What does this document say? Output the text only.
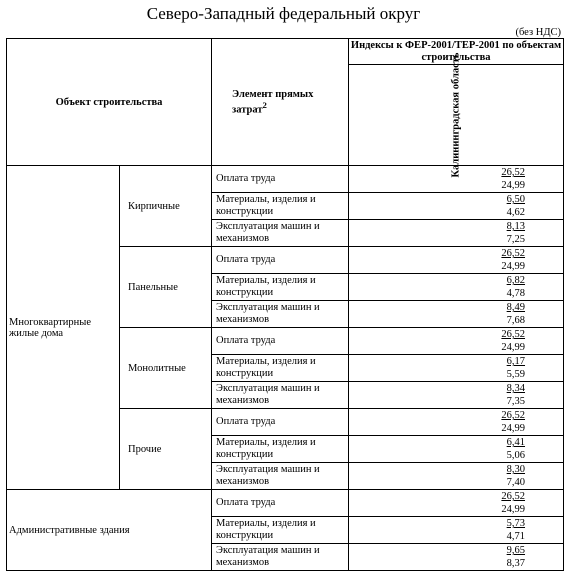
Северо-Западный федеральный округ
(без НДС)
Объект строительства		Элемент прямых затрат$^2$	Индексы к ФЕР-2001/ТЕР-2001 по объектам строительства

			Калининградская область

Многоквартирные жилые дома	Кирпичные	Оплата труда	26,52
24,99

		Материалы, изделия и конструкции	6,50
4,62

		Эксплуатация машин и механизмов	8,13
7,25

	Панельные	Оплата труда	26,52
24,99

		Материалы, изделия и конструкции	6,82
4,78

		Эксплуатация машин и механизмов	8,49
7,68

	Монолитные	Оплата труда	26,52
24,99

		Материалы, изделия и конструкции	6,17
5,59

		Эксплуатация машин и механизмов	8,34
7,35

	Прочие	Оплата труда	26,52
24,99

		Материалы, изделия и конструкции	6,41
5,06

		Эксплуатация машин и механизмов	8,30
7,40

Административные здания		Оплата труда	26,52
24,99

		Материалы, изделия и конструкции	5,73
4,71

		Эксплуатация машин и механизмов	9,65
8,37
